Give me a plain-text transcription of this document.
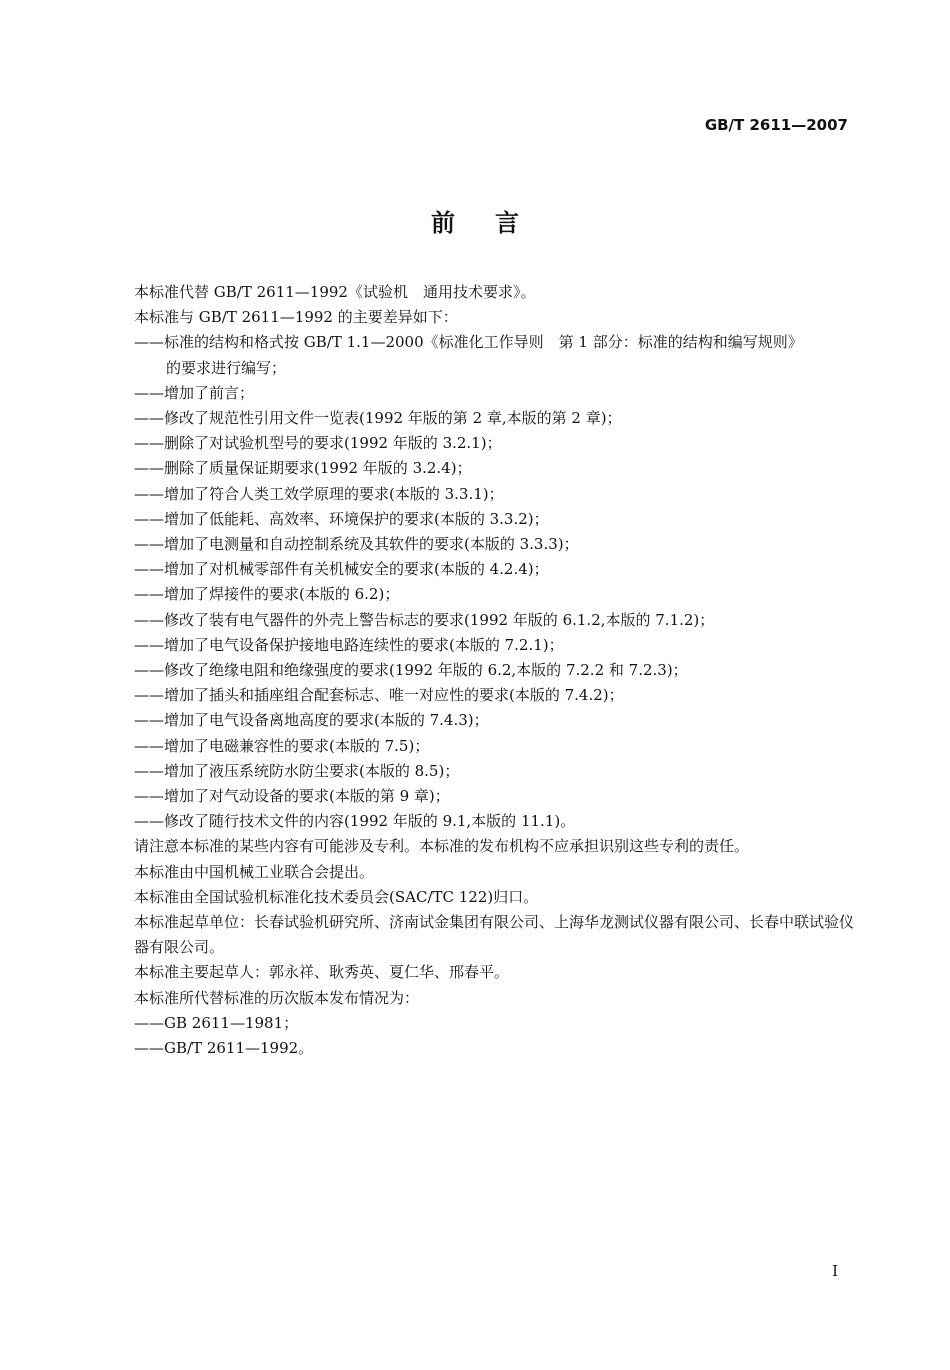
GB/T 2611—2007
前言

本标准代替 GB/T 2611—1992《试验机　通用技术要求》。

本标准与 GB/T 2611—1992 的主要差异如下：

——标准的结构和格式按 GB/T 1.1—2000《标准化工作导则　第 1 部分：标准的结构和编写规则》

的要求进行编写；

——增加了前言；

——修改了规范性引用文件一览表(1992 年版的第 2 章,本版的第 2 章)；

——删除了对试验机型号的要求(1992 年版的 3.2.1)；

——删除了质量保证期要求(1992 年版的 3.2.4)；

——增加了符合人类工效学原理的要求(本版的 3.3.1)；

——增加了低能耗、高效率、环境保护的要求(本版的 3.3.2)；

——增加了电测量和自动控制系统及其软件的要求(本版的 3.3.3)；

——增加了对机械零部件有关机械安全的要求(本版的 4.2.4)；

——增加了焊接件的要求(本版的 6.2)；

——修改了装有电气器件的外壳上警告标志的要求(1992 年版的 6.1.2,本版的 7.1.2)；

——增加了电气设备保护接地电路连续性的要求(本版的 7.2.1)；

——修改了绝缘电阻和绝缘强度的要求(1992 年版的 6.2,本版的 7.2.2 和 7.2.3)；

——增加了插头和插座组合配套标志、唯一对应性的要求(本版的 7.4.2)；

——增加了电气设备离地高度的要求(本版的 7.4.3)；

——增加了电磁兼容性的要求(本版的 7.5)；

——增加了液压系统防水防尘要求(本版的 8.5)；

——增加了对气动设备的要求(本版的第 9 章)；

——修改了随行技术文件的内容(1992 年版的 9.1,本版的 11.1)。

请注意本标准的某些内容有可能涉及专利。本标准的发布机构不应承担识别这些专利的责任。

本标准由中国机械工业联合会提出。

本标准由全国试验机标准化技术委员会(SAC/TC 122)归口。

本标准起草单位：长春试验机研究所、济南试金集团有限公司、上海华龙测试仪器有限公司、长春中联试验仪器有限公司。

本标准主要起草人：郭永祥、耿秀英、夏仁华、邢春平。

本标准所代替标准的历次版本发布情况为：

——GB 2611—1981；

——GB/T 2611—1992。

I
